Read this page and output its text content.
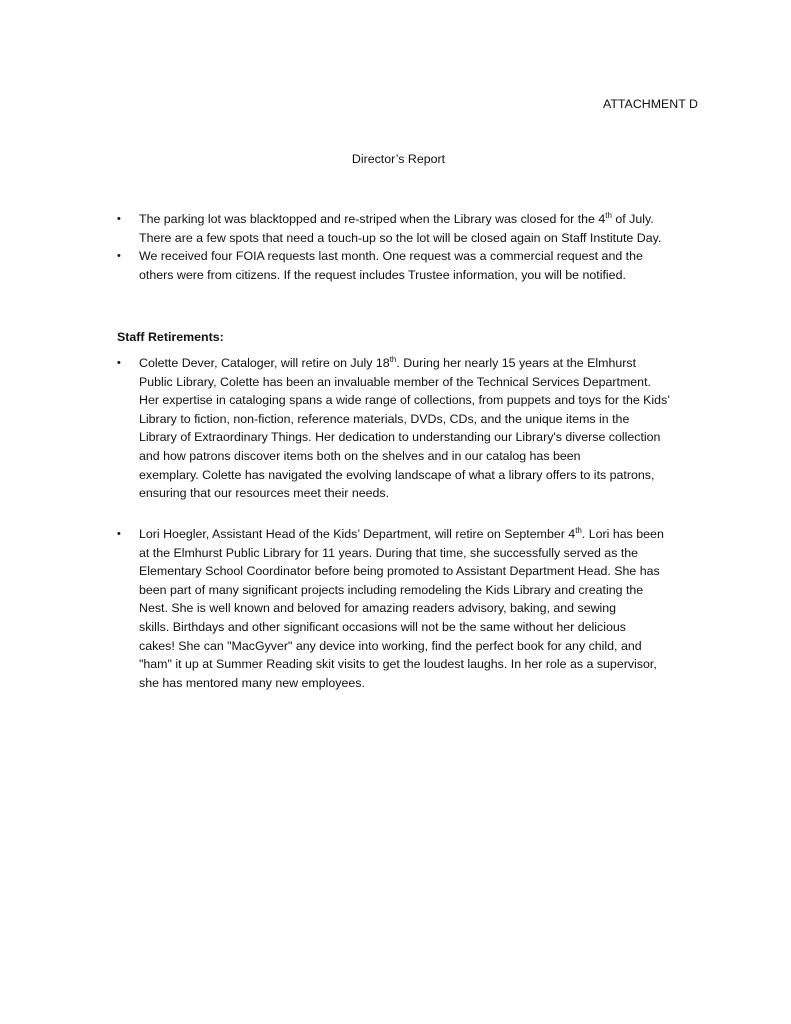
ATTACHMENT D
Director’s Report
• The parking lot was blacktopped and re-striped when the Library was closed for the 4th of July.
There are a few spots that need a touch-up so the lot will be closed again on Staff Institute Day.
• We received four FOIA requests last month. One request was a commercial request and the
others were from citizens. If the request includes Trustee information, you will be notified.
Staff Retirements:
• Colette Dever, Cataloger, will retire on July 18th. During her nearly 15 years at the Elmhurst
Public Library, Colette has been an invaluable member of the Technical Services Department.
Her expertise in cataloging spans a wide range of collections, from puppets and toys for the Kids’
Library to fiction, non-fiction, reference materials, DVDs, CDs, and the unique items in the
Library of Extraordinary Things. Her dedication to understanding our Library's diverse collection
and how patrons discover items both on the shelves and in our catalog has been
exemplary. Colette has navigated the evolving landscape of what a library offers to its patrons,
ensuring that our resources meet their needs.
• Lori Hoegler, Assistant Head of the Kids’ Department, will retire on September 4th. Lori has been
at the Elmhurst Public Library for 11 years. During that time, she successfully served as the
Elementary School Coordinator before being promoted to Assistant Department Head. She has
been part of many significant projects including remodeling the Kids Library and creating the
Nest. She is well known and beloved for amazing readers advisory, baking, and sewing
skills. Birthdays and other significant occasions will not be the same without her delicious
cakes! She can "MacGyver" any device into working, find the perfect book for any child, and
"ham" it up at Summer Reading skit visits to get the loudest laughs. In her role as a supervisor,
she has mentored many new employees.
